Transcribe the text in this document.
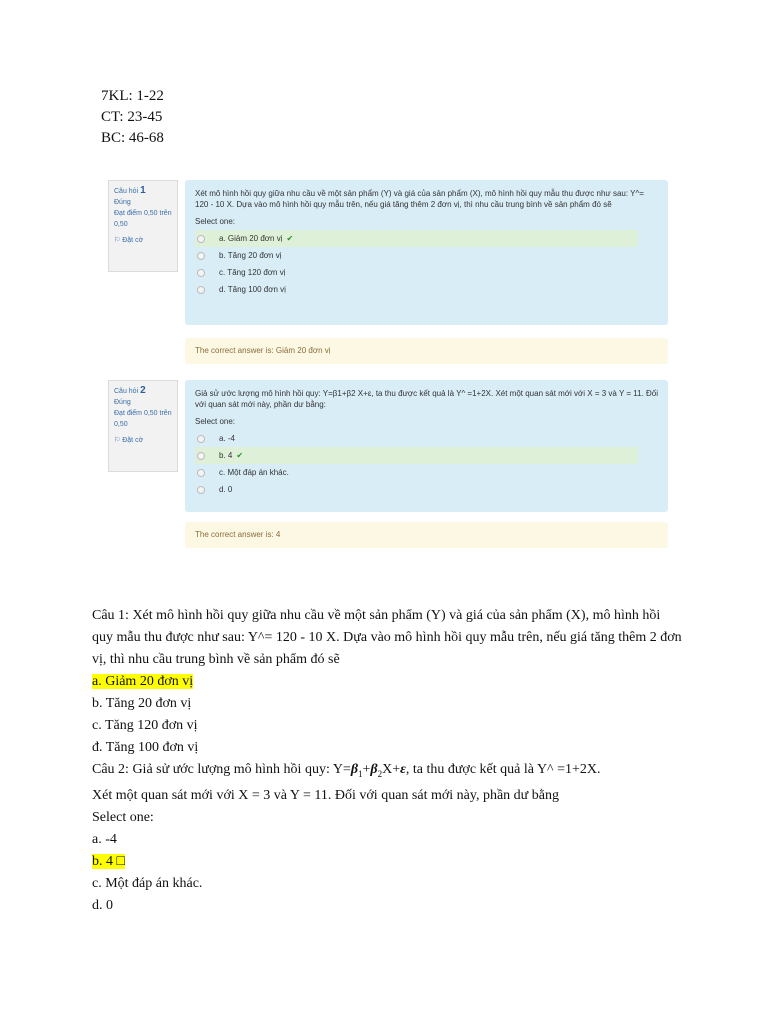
7KL: 1-22
CT: 23-45
BC: 46-68
Câu hỏi 1
Đúng
Đạt điểm 0,50 trên 0,50
⚐ Đặt cờ
Xét mô hình hồi quy giữa nhu cầu về một sản phẩm (Y) và giá của sản phẩm (X), mô hình hồi quy mẫu thu được như sau: Y^= 120 - 10 X. Dựa vào mô hình hồi quy mẫu trên, nếu giá tăng thêm 2 đơn vị, thì nhu cầu trung bình về sản phẩm đó sẽ
Select one:
a. Giảm 20 đơn vị ✔
b. Tăng 20 đơn vị
c. Tăng 120 đơn vị
d. Tăng 100 đơn vị
The correct answer is: Giảm 20 đơn vị
Câu hỏi 2
Đúng
Đạt điểm 0,50 trên 0,50
⚐ Đặt cờ
Giả sử ước lượng mô hình hồi quy: Y=β1+β2 X+ε, ta thu được kết quả là Y^ =1+2X. Xét một quan sát mới với X = 3 và Y = 11. Đối với quan sát mới này, phần dư bằng:
Select one:
a. -4
b. 4 ✔
c. Một đáp án khác.
d. 0
The correct answer is: 4
Câu 1: Xét mô hình hồi quy giữa nhu cầu về một sản phẩm (Y) và giá của sản phẩm (X), mô hình hồi quy mẫu thu được như sau: Y^= 120 - 10 X. Dựa vào mô hình hồi quy mẫu trên, nếu giá tăng thêm 2 đơn vị, thì nhu cầu trung bình về sản phẩm đó sẽ
a. Giảm 20 đơn vị
b. Tăng 20 đơn vị
c. Tăng 120 đơn vị
đ. Tăng 100 đơn vị
Câu 2: Giả sử ước lượng mô hình hồi quy: $Y=\beta_1+\beta_2X+\varepsilon$, ta thu được kết quả là Y^ =1+2X.
Xét một quan sát mới với X = 3 và Y = 11. Đối với quan sát mới này, phần dư bằng
Select one:
a. -4
b. 4 □
c. Một đáp án khác.
d. 0
